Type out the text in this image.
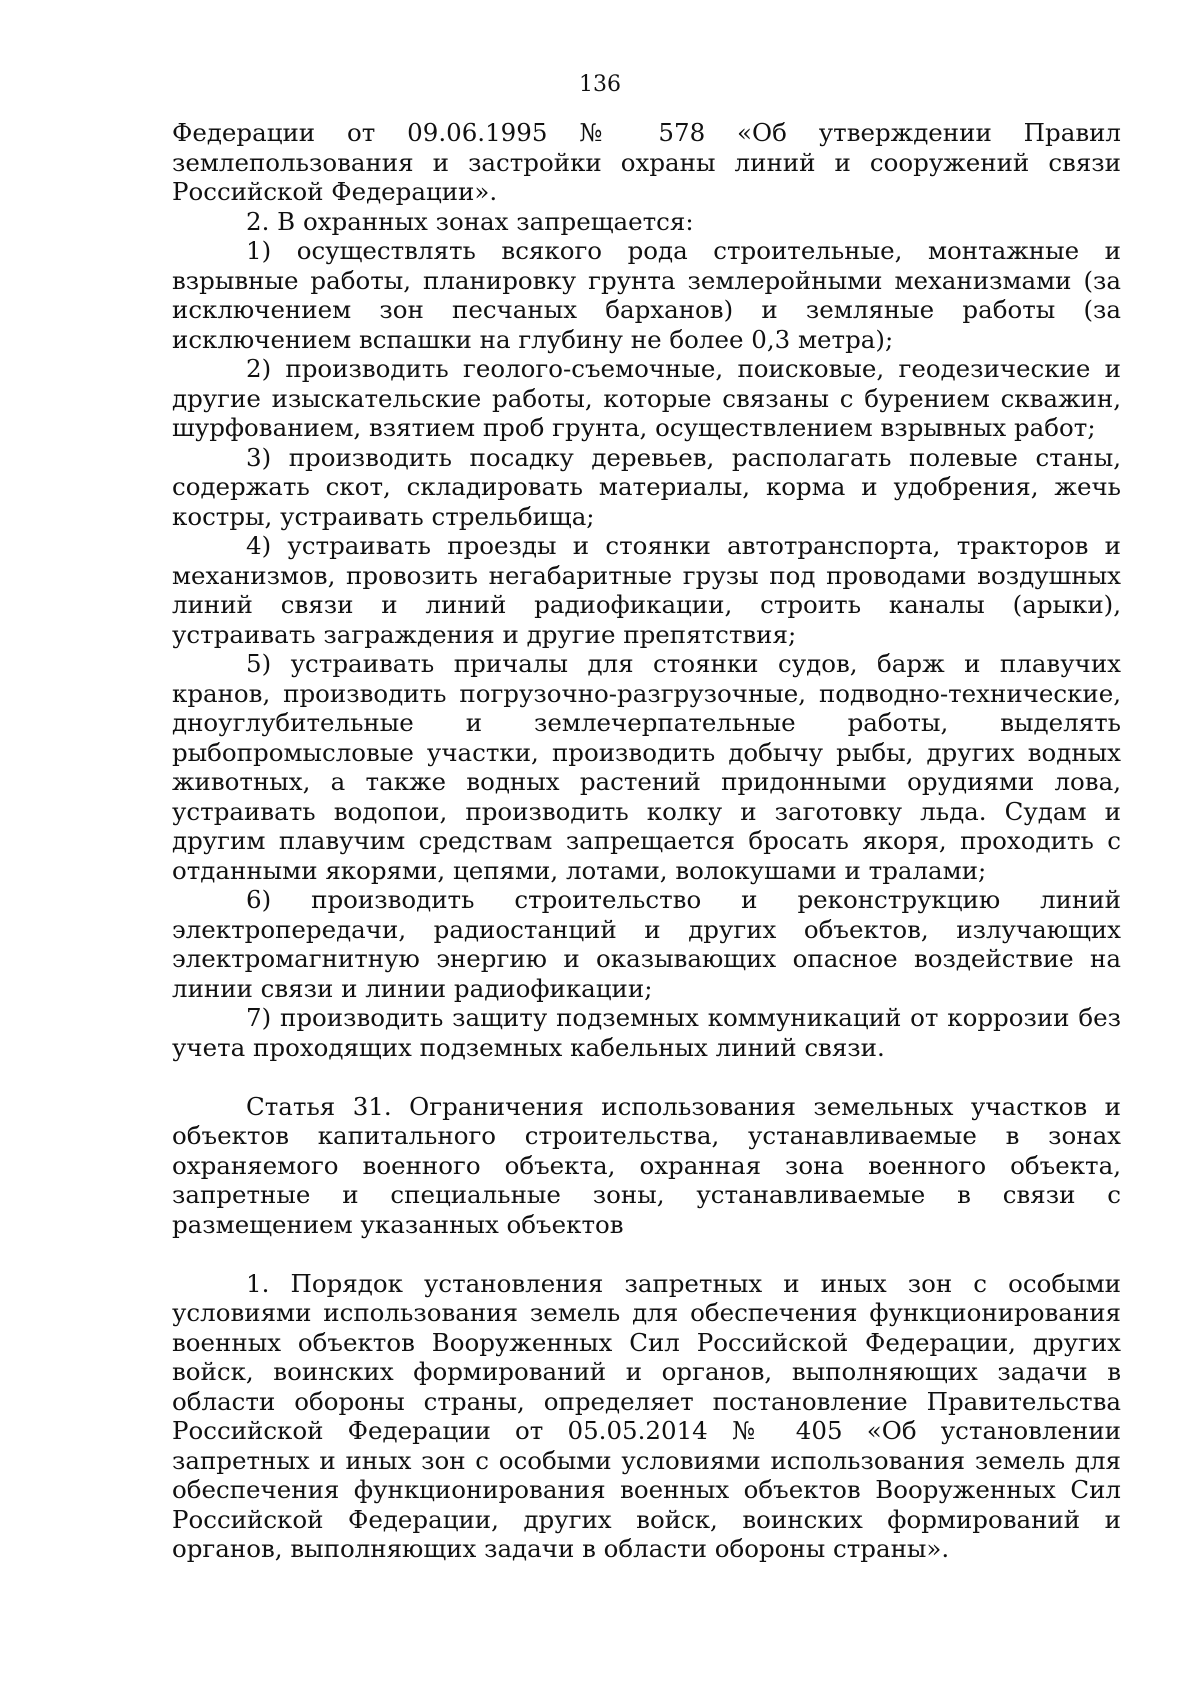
136

Федерации от 09.06.1995 № 578 «Об утверждении Правил землепользования и застройки охраны линий и сооружений связи Российской Федерации».

2. В охранных зонах запрещается:

1) осуществлять всякого рода строительные, монтажные и взрывные работы, планировку грунта землеройными механизмами (за исключением зон песчаных барханов) и земляные работы (за исключением вспашки на глубину не более 0,3 метра);

2) производить геолого-съемочные, поисковые, геодезические и другие изыскательские работы, которые связаны с бурением скважин, шурфованием, взятием проб грунта, осуществлением взрывных работ;

3) производить посадку деревьев, располагать полевые станы, содержать скот, складировать материалы, корма и удобрения, жечь костры, устраивать стрельбища;

4) устраивать проезды и стоянки автотранспорта, тракторов и механизмов, провозить негабаритные грузы под проводами воздушных линий связи и линий радиофикации, строить каналы (арыки), устраивать заграждения и другие препятствия;

5) устраивать причалы для стоянки судов, барж и плавучих кранов, производить погрузочно-разгрузочные, подводно-технические, дноуглубительные и землечерпательные работы, выделять рыбопромысловые участки, производить добычу рыбы, других водных животных, а также водных растений придонными орудиями лова, устраивать водопои, производить колку и заготовку льда. Судам и другим плавучим средствам запрещается бросать якоря, проходить с отданными якорями, цепями, лотами, волокушами и тралами;

6) производить строительство и реконструкцию линий электропередачи, радиостанций и других объектов, излучающих электромагнитную энергию и оказывающих опасное воздействие на линии связи и линии радиофикации;

7) производить защиту подземных коммуникаций от коррозии без учета проходящих подземных кабельных линий связи.

Статья 31. Ограничения использования земельных участков и объектов капитального строительства, устанавливаемые в зонах охраняемого военного объекта, охранная зона военного объекта, запретные и специальные зоны, устанавливаемые в связи с размещением указанных объектов

1. Порядок установления запретных и иных зон с особыми условиями использования земель для обеспечения функционирования военных объектов Вооруженных Сил Российской Федерации, других войск, воинских формирований и органов, выполняющих задачи в области обороны страны, определяет постановление Правительства Российской Федерации от 05.05.2014 № 405 «Об установлении запретных и иных зон с особыми условиями использования земель для обеспечения функционирования военных объектов Вооруженных Сил Российской Федерации, других войск, воинских формирований и органов, выполняющих задачи в области обороны страны».
